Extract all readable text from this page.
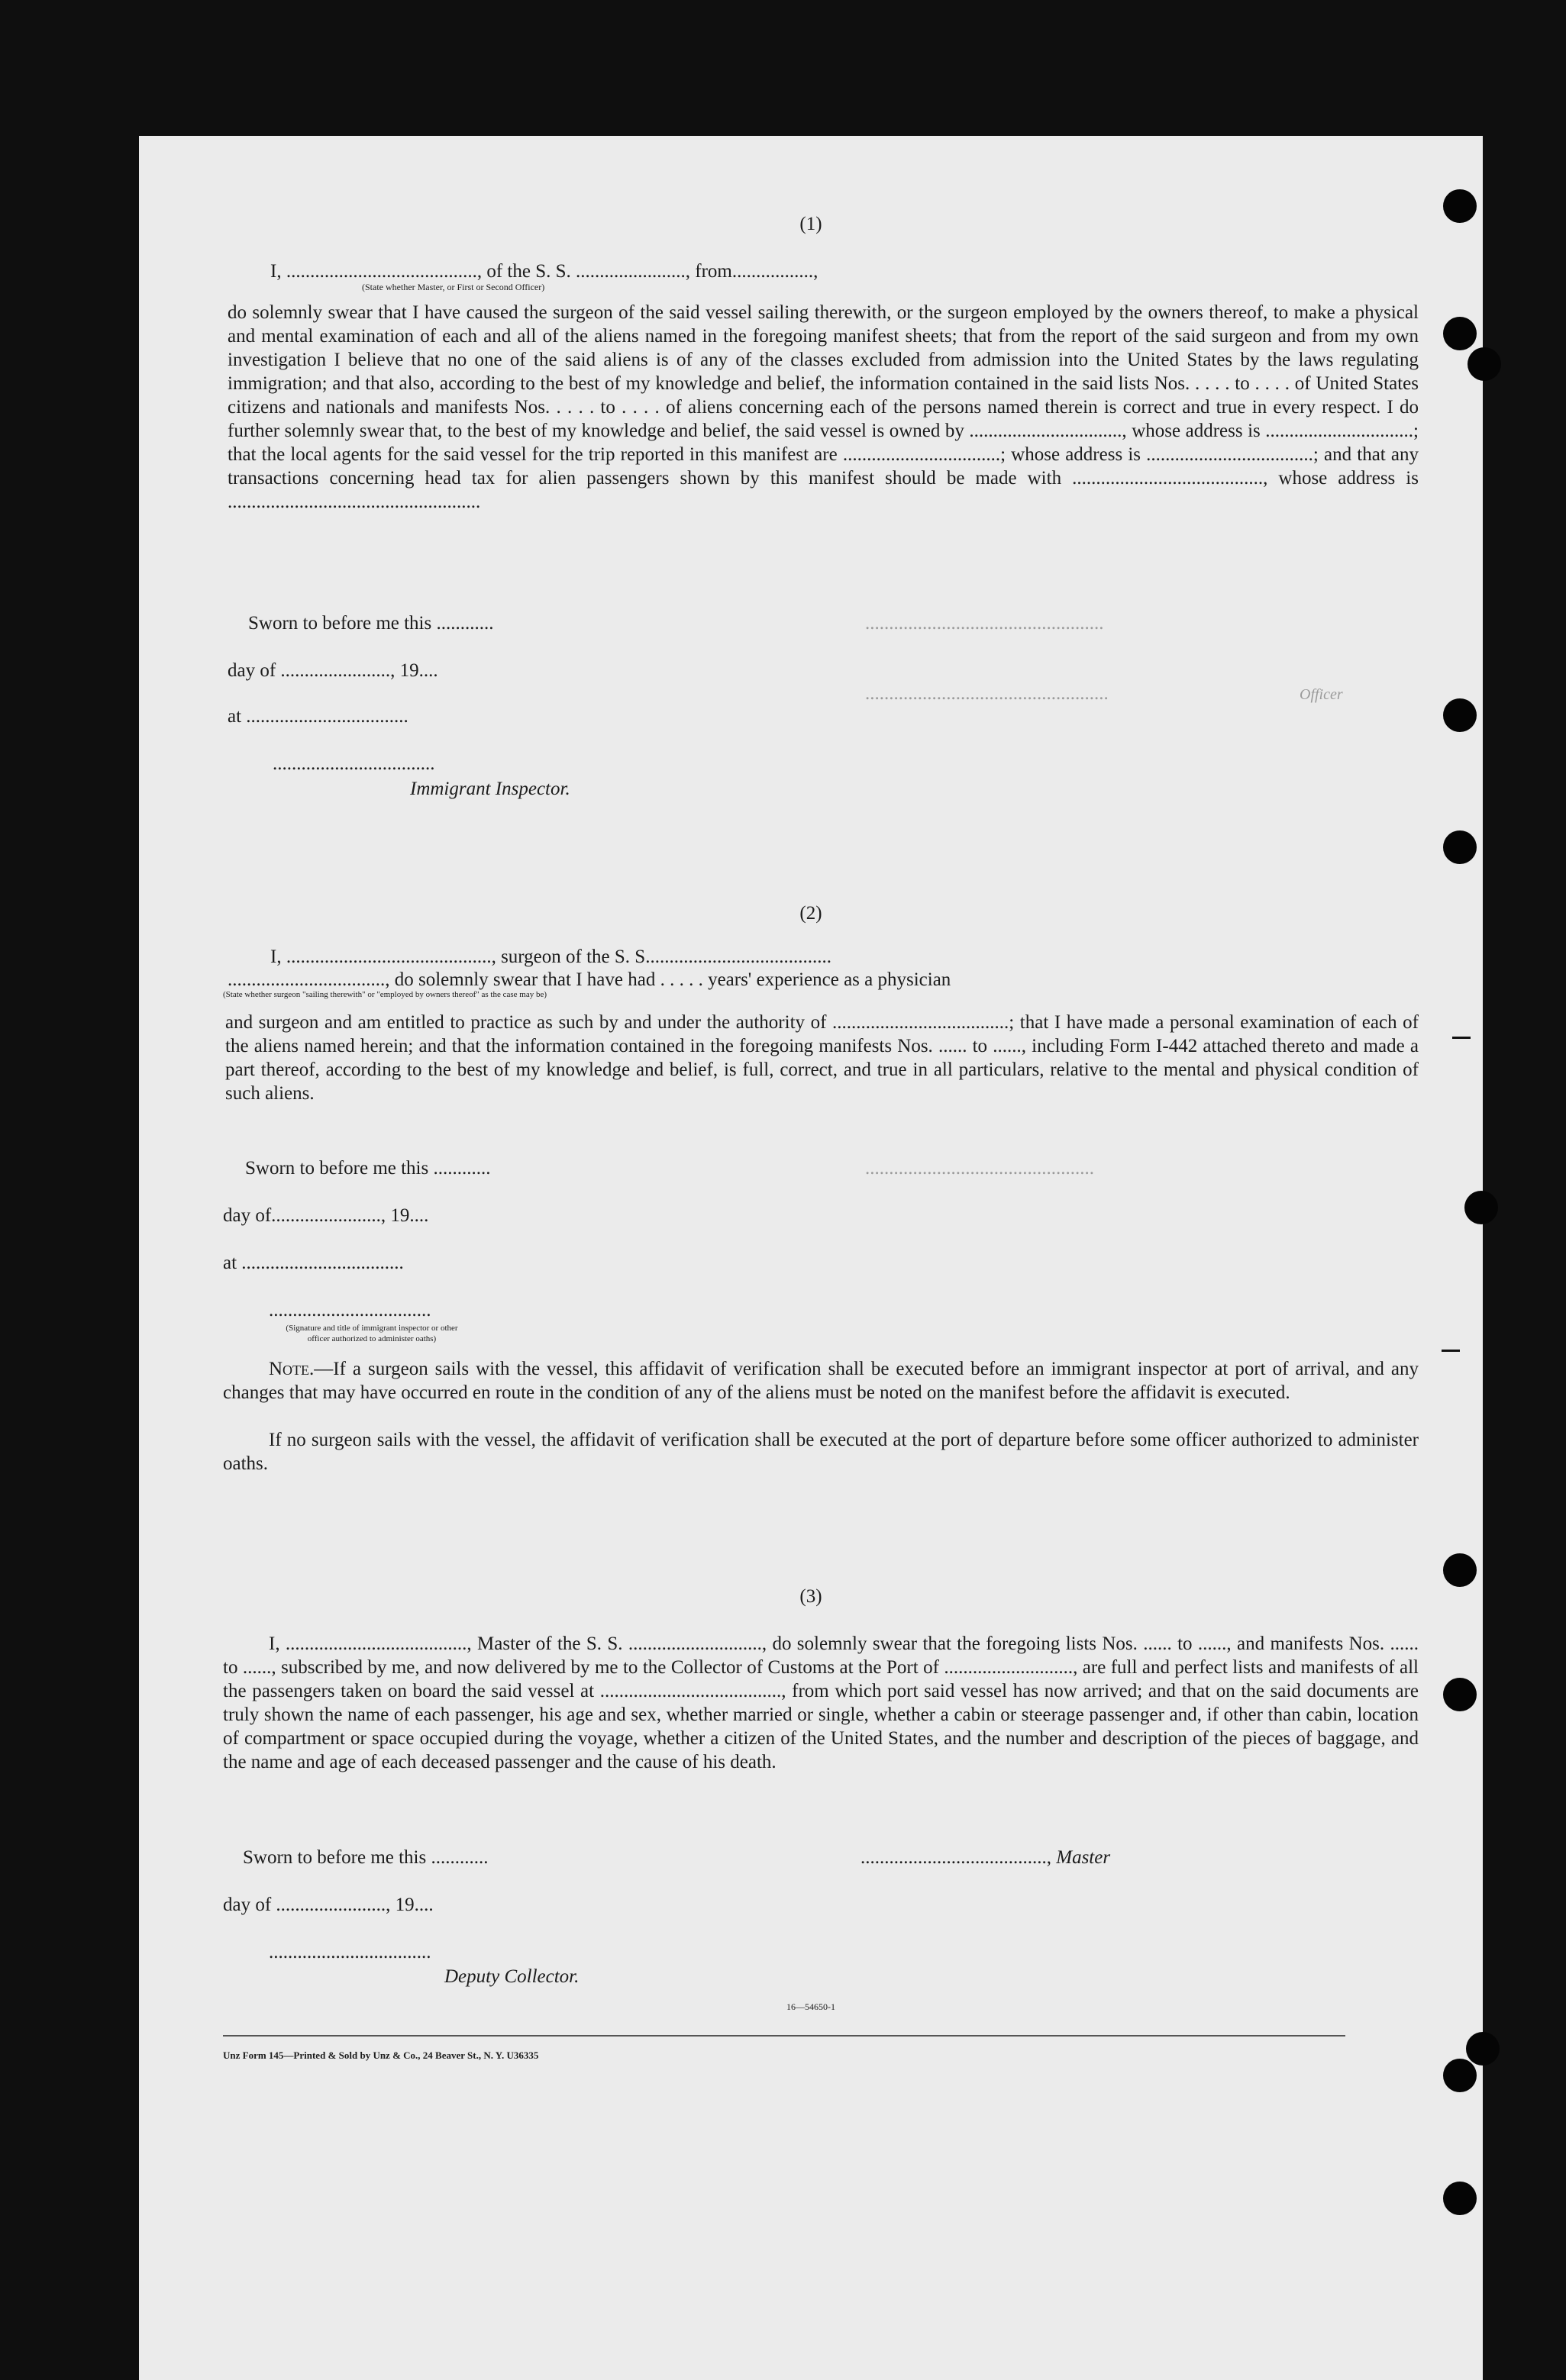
(1)
I, ........................................, of the S. S. ......................., from.................,
(State whether Master, or First or Second Officer)
do solemnly swear that I have caused the surgeon of the said vessel sailing therewith, or the surgeon employed by the owners thereof, to make a physical and mental examination of each and all of the aliens named in the foregoing manifest sheets; that from the report of the said surgeon and from my own investigation I believe that no one of the said aliens is of any of the classes excluded from admission into the United States by the laws regulating immigration; and that also, according to the best of my knowledge and belief, the information contained in the said lists Nos. . . . . to . . . . of United States citizens and nationals and manifests Nos. . . . . to . . . . of aliens concerning each of the persons named therein is correct and true in every respect. I do further solemnly swear that, to the best of my knowledge and belief, the said vessel is owned by ................................, whose address is ...............................; that the local agents for the said vessel for the trip reported in this manifest are .................................; whose address is ...................................; and that any transactions concerning head tax for alien passengers shown by this manifest should be made with ........................................, whose address is .....................................................
Sworn to before me this ............	..................................................
day of ......................., 19....
...................................................	Officer
at ..................................
..................................
Immigrant Inspector.
(2)
I, ..........................................., surgeon of the S. S.......................................
................................., do solemnly swear that I have had . . . . . years' experience as a physician
(State whether surgeon "sailing therewith" or "employed by owners thereof" as the case may be)
and surgeon and am entitled to practice as such by and under the authority of .....................................; that I have made a personal examination of each of the aliens named herein; and that the information contained in the foregoing manifests Nos. ...... to ......, including Form I-442 attached thereto and made a part thereof, according to the best of my knowledge and belief, is full, correct, and true in all particulars, relative to the mental and physical condition of such aliens.
Sworn to before me this ............	................................................
day of......................., 19....
at ..................................
..................................
(Signature and title of immigrant inspector or other officer authorized to administer oaths)
Note.—If a surgeon sails with the vessel, this affidavit of verification shall be executed before an immigrant inspector at port of arrival, and any changes that may have occurred en route in the condition of any of the aliens must be noted on the manifest before the affidavit is executed.
If no surgeon sails with the vessel, the affidavit of verification shall be executed at the port of departure before some officer authorized to administer oaths.
(3)
I, ......................................, Master of the S. S. ............................, do solemnly swear that the foregoing lists Nos. ...... to ......, and manifests Nos. ...... to ......, subscribed by me, and now delivered by me to the Collector of Customs at the Port of ..........................., are full and perfect lists and manifests of all the passengers taken on board the said vessel at ......................................, from which port said vessel has now arrived; and that on the said documents are truly shown the name of each passenger, his age and sex, whether married or single, whether a cabin or steerage passenger and, if other than cabin, location of compartment or space occupied during the voyage, whether a citizen of the United States, and the number and description of the pieces of baggage, and the name and age of each deceased passenger and the cause of his death.
Sworn to before me this ............	......................................., Master
day of ......................., 19....
..................................
Deputy Collector.
16—54650-1
Unz Form 145—Printed & Sold by Unz & Co., 24 Beaver St., N. Y. U36335
